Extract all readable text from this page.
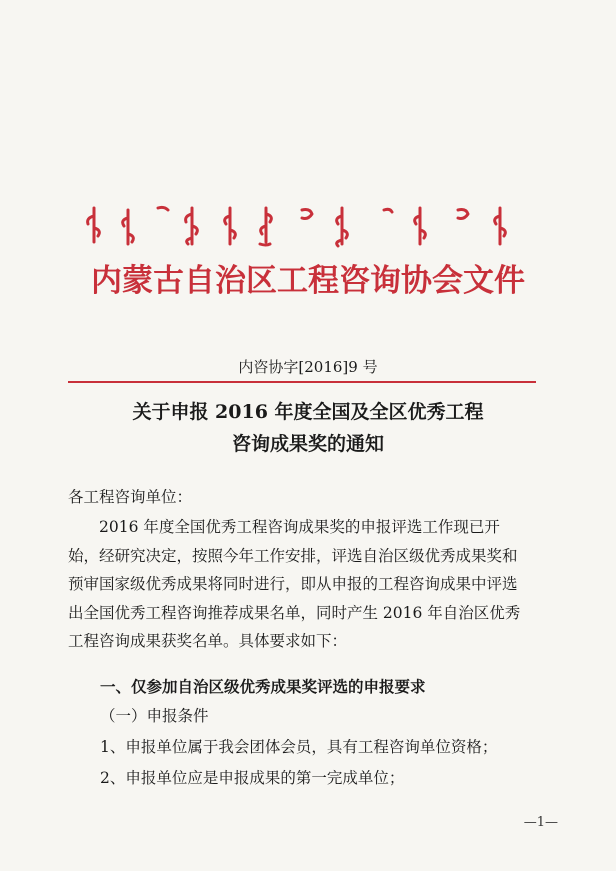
内蒙古自治区工程咨询协会文件
内咨协字[2016]9 号
关于申报 2016 年度全国及全区优秀工程
咨询成果奖的通知
各工程咨询单位：
　　2016 年度全国优秀工程咨询成果奖的申报评选工作现已开
始，经研究决定，按照今年工作安排，评选自治区级优秀成果奖和
预审国家级优秀成果将同时进行，即从申报的工程咨询成果中评选
出全国优秀工程咨询推荐成果名单，同时产生 2016 年自治区优秀
工程咨询成果获奖名单。具体要求如下：
一、仅参加自治区级优秀成果奖评选的申报要求
（一）申报条件
1、申报单位属于我会团体会员，具有工程咨询单位资格；
2、申报单位应是申报成果的第一完成单位；
—1—
